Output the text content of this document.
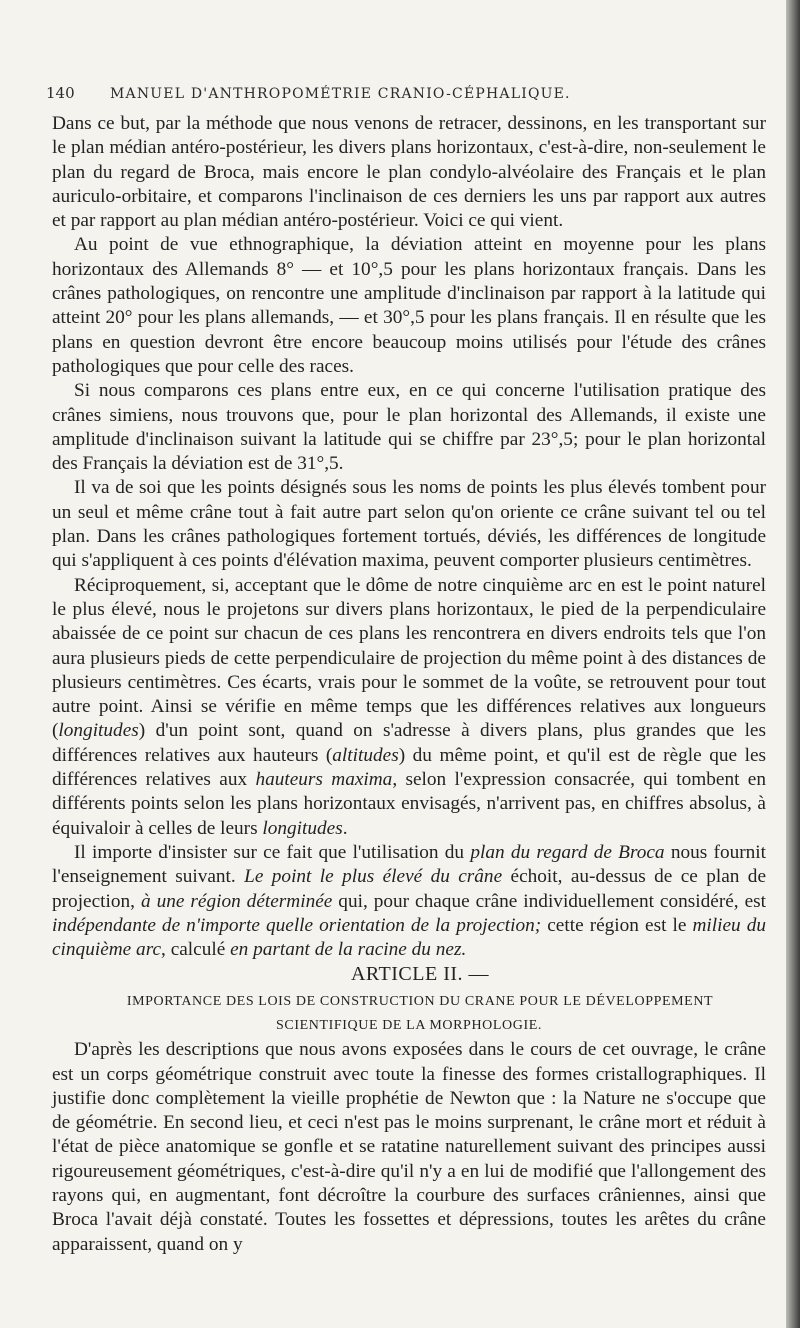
140	MANUEL D'ANTHROPOMÉTRIE CRANIO-CÉPHALIQUE.

Dans ce but, par la méthode que nous venons de retracer, dessinons, en les transportant sur le plan médian antéro-postérieur, les divers plans horizontaux, c'est-à-dire, non-seulement le plan du regard de Broca, mais encore le plan condylo-alvéolaire des Français et le plan auriculo-orbitaire, et comparons l'inclinaison de ces derniers les uns par rapport aux autres et par rapport au plan médian antéro-postérieur. Voici ce qui vient.

Au point de vue ethnographique, la déviation atteint en moyenne pour les plans horizontaux des Allemands 8° — et 10°,5 pour les plans horizontaux français. Dans les crânes pathologiques, on rencontre une amplitude d'inclinaison par rapport à la latitude qui atteint 20° pour les plans allemands, — et 30°,5 pour les plans français. Il en résulte que les plans en question devront être encore beaucoup moins utilisés pour l'étude des crânes pathologiques que pour celle des races.

Si nous comparons ces plans entre eux, en ce qui concerne l'utilisation pratique des crânes simiens, nous trouvons que, pour le plan horizontal des Allemands, il existe une amplitude d'inclinaison suivant la latitude qui se chiffre par 23°,5; pour le plan horizontal des Français la déviation est de 31°,5.

Il va de soi que les points désignés sous les noms de points les plus élevés tombent pour un seul et même crâne tout à fait autre part selon qu'on oriente ce crâne suivant tel ou tel plan. Dans les crânes pathologiques fortement tortués, déviés, les différences de longitude qui s'appliquent à ces points d'élévation maxima, peuvent comporter plusieurs centimètres.

Réciproquement, si, acceptant que le dôme de notre cinquième arc en est le point naturel le plus élevé, nous le projetons sur divers plans horizontaux, le pied de la perpendiculaire abaissée de ce point sur chacun de ces plans les rencontrera en divers endroits tels que l'on aura plusieurs pieds de cette perpendiculaire de projection du même point à des distances de plusieurs centimètres. Ces écarts, vrais pour le sommet de la voûte, se retrouvent pour tout autre point. Ainsi se vérifie en même temps que les différences relatives aux longueurs (longitudes) d'un point sont, quand on s'adresse à divers plans, plus grandes que les différences relatives aux hauteurs (altitudes) du même point, et qu'il est de règle que les différences relatives aux hauteurs maxima, selon l'expression consacrée, qui tombent en différents points selon les plans horizontaux envisagés, n'arrivent pas, en chiffres absolus, à équivaloir à celles de leurs longitudes.

Il importe d'insister sur ce fait que l'utilisation du plan du regard de Broca nous fournit l'enseignement suivant. Le point le plus élevé du crâne échoit, au-dessus de ce plan de projection, à une région déterminée qui, pour chaque crâne individuellement considéré, est indépendante de n'importe quelle orientation de la projection; cette région est le milieu du cinquième arc, calculé en partant de la racine du nez.

ARTICLE II. —
IMPORTANCE DES LOIS DE CONSTRUCTION DU CRANE POUR LE DÉVELOPPEMENT SCIENTIFIQUE DE LA MORPHOLOGIE.

D'après les descriptions que nous avons exposées dans le cours de cet ouvrage, le crâne est un corps géométrique construit avec toute la finesse des formes cristallographiques. Il justifie donc complètement la vieille prophétie de Newton que : la Nature ne s'occupe que de géométrie. En second lieu, et ceci n'est pas le moins surprenant, le crâne mort et réduit à l'état de pièce anatomique se gonfle et se ratatine naturellement suivant des principes aussi rigoureusement géométriques, c'est-à-dire qu'il n'y a en lui de modifié que l'allongement des rayons qui, en augmentant, font décroître la courbure des surfaces crâniennes, ainsi que Broca l'avait déjà constaté. Toutes les fossettes et dépressions, toutes les arêtes du crâne apparaissent, quand on y
